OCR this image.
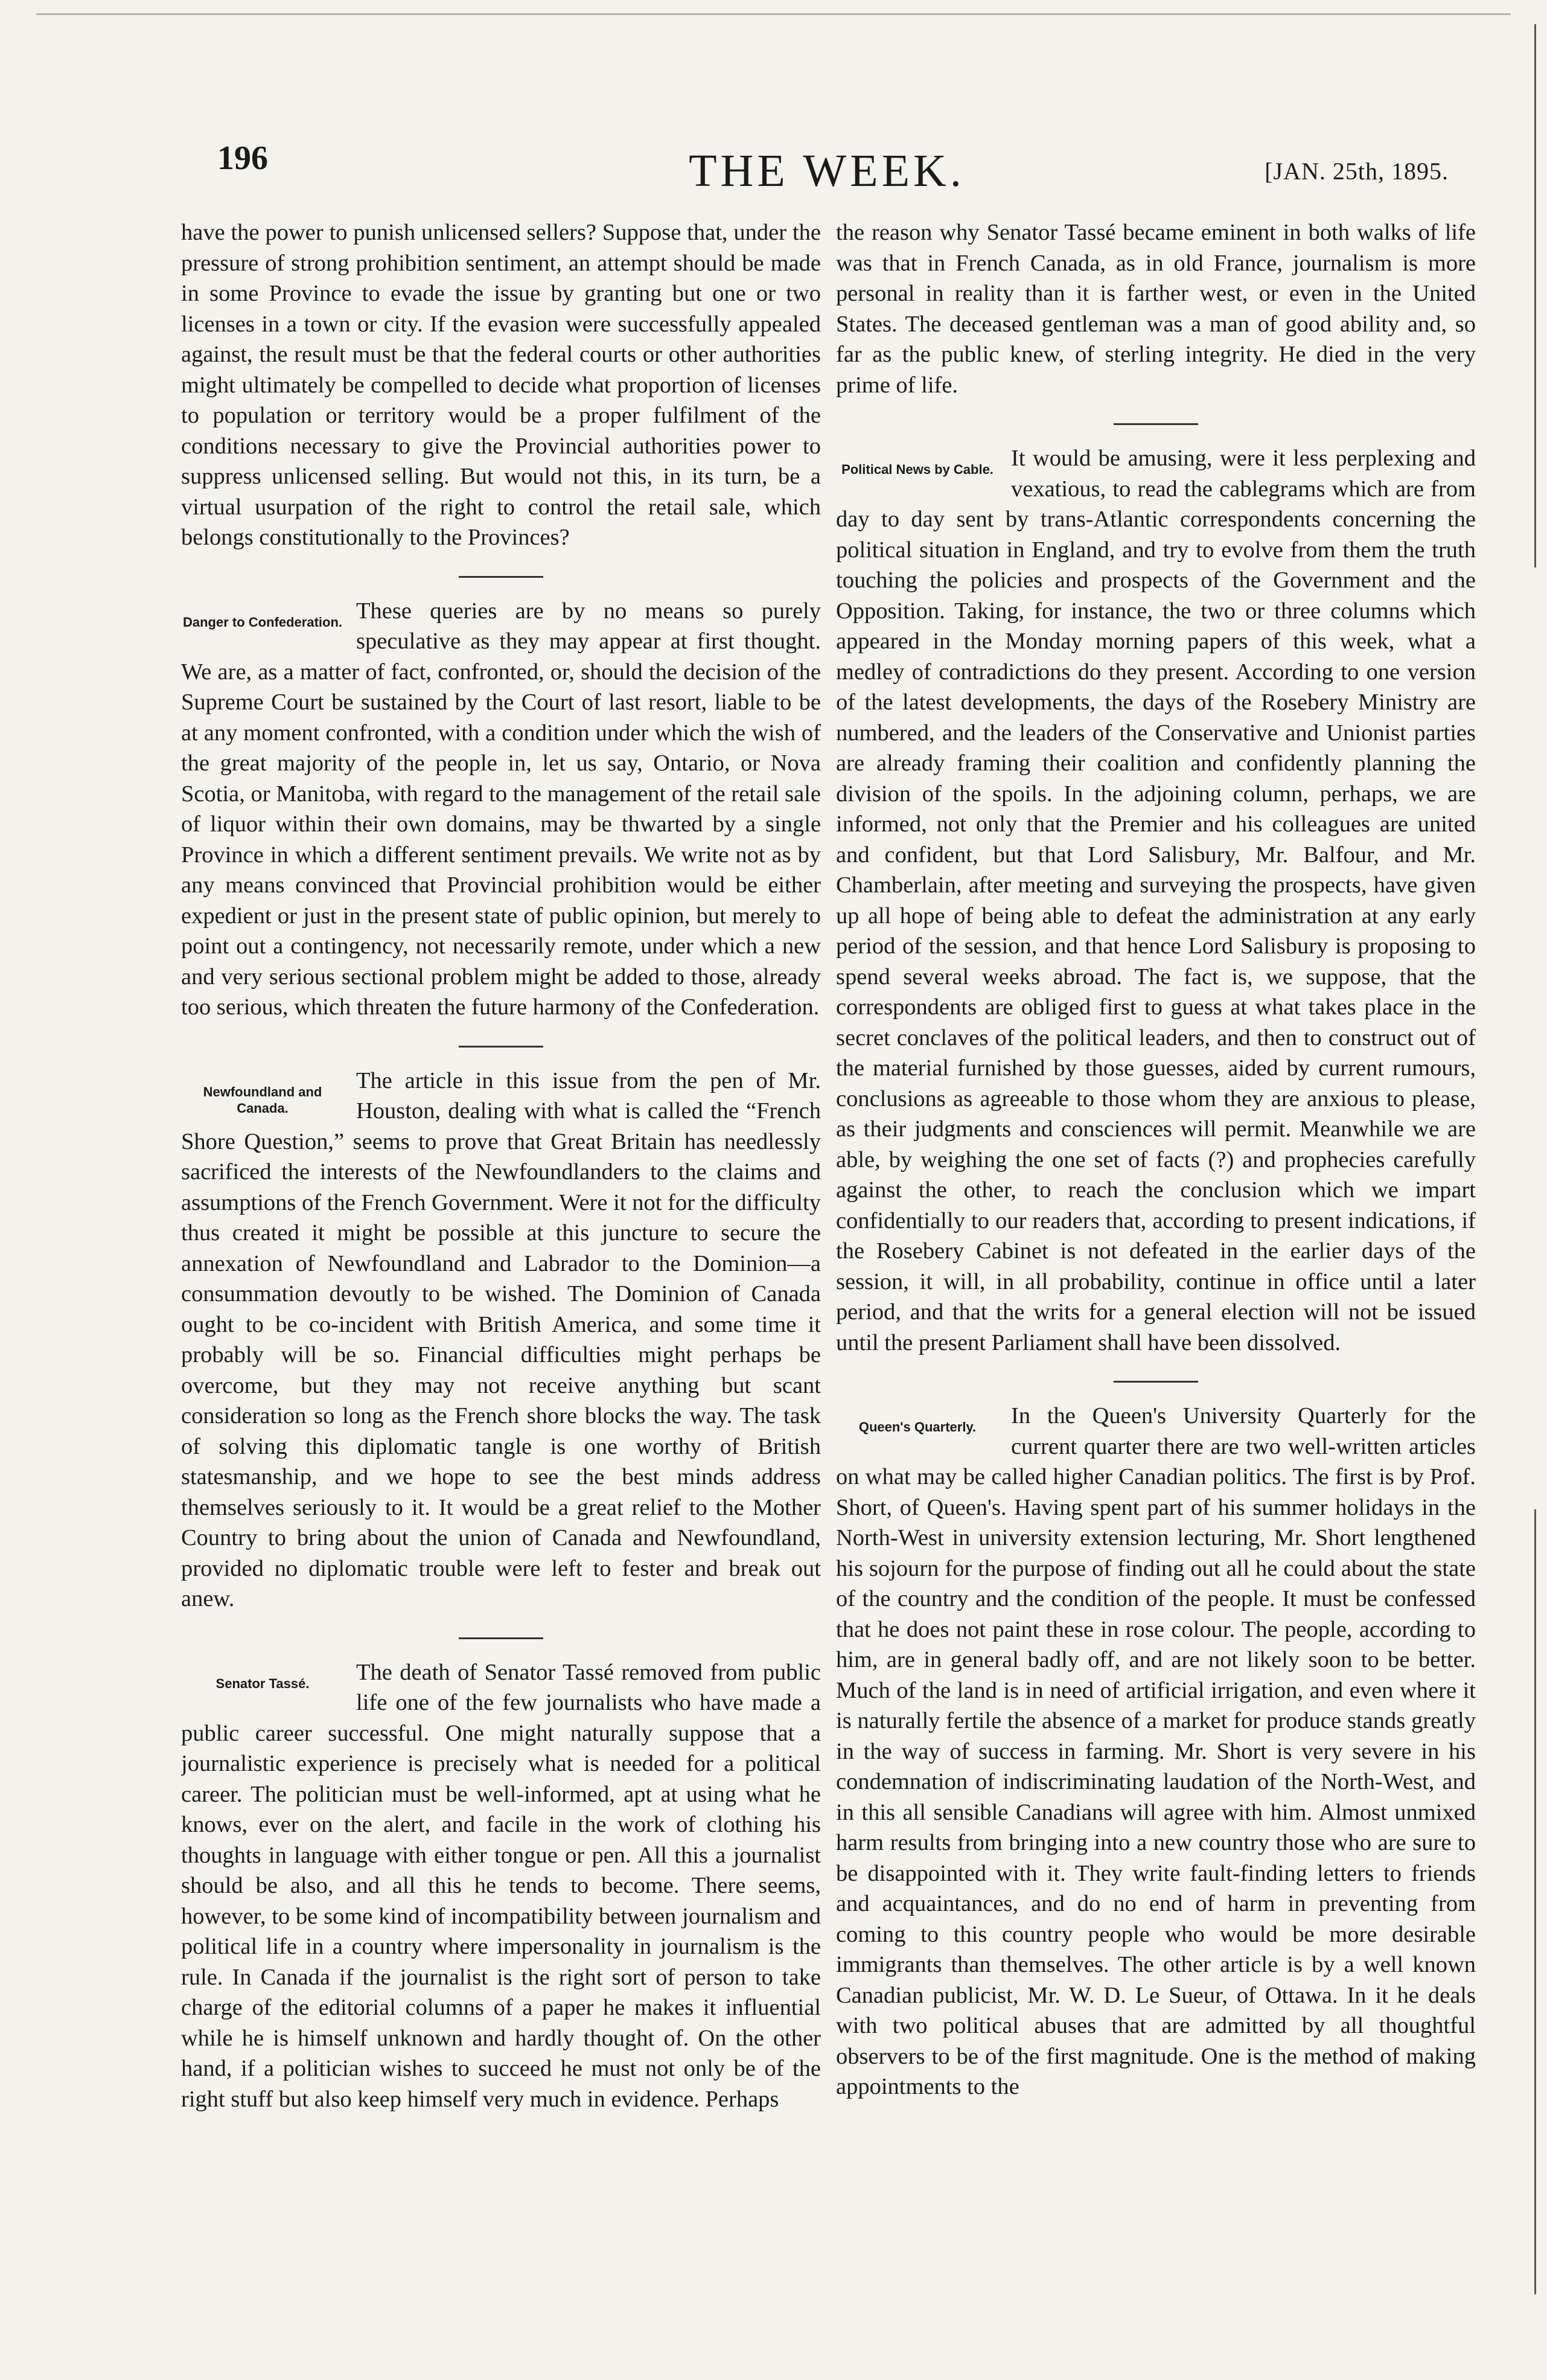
196	THE WEEK.	[JAN. 25th, 1895.

have the power to punish unlicensed sellers? Suppose that, under the pressure of strong prohibition sentiment, an attempt should be made in some Province to evade the issue by granting but one or two licenses in a town or city. If the evasion were successfully appealed against, the result must be that the federal courts or other authorities might ultimately be compelled to decide what proportion of licenses to population or territory would be a proper fulfilment of the conditions necessary to give the Provincial authorities power to suppress unlicensed selling. But would not this, in its turn, be a virtual usurpation of the right to control the retail sale, which belongs constitutionally to the Provinces?

Danger to Confederation. These queries are by no means so purely speculative as they may appear at first thought. We are, as a matter of fact, confronted, or, should the decision of the Supreme Court be sustained by the Court of last resort, liable to be at any moment confronted, with a condition under which the wish of the great majority of the people in, let us say, Ontario, or Nova Scotia, or Manitoba, with regard to the management of the retail sale of liquor within their own domains, may be thwarted by a single Province in which a different sentiment prevails. We write not as by any means convinced that Provincial prohibition would be either expedient or just in the present state of public opinion, but merely to point out a contingency, not necessarily remote, under which a new and very serious sectional problem might be added to those, already too serious, which threaten the future harmony of the Confederation.

Newfoundland and Canada.

The article in this issue from the pen of Mr. Houston, dealing with what is called the “French Shore Question,” seems to prove that Great Britain has needlessly sacrificed the interests of the Newfoundlanders to the claims and assumptions of the French Government. Were it not for the difficulty thus created it might be possible at this juncture to secure the annexation of Newfoundland and Labrador to the Dominion—a consummation devoutly to be wished. The Dominion of Canada ought to be co-incident with British America, and some time it probably will be so. Financial difficulties might perhaps be overcome, but they may not receive anything but scant consideration so long as the French shore blocks the way. The task of solving this diplomatic tangle is one worthy of British statesmanship, and we hope to see the best minds address themselves seriously to it. It would be a great relief to the Mother Country to bring about the union of Canada and Newfoundland, provided no diplomatic trouble were left to fester and break out anew.

Senator Tassé.	The death of Senator Tassé removed from public life one of the few journalists who have made a public career successful. One might naturally suppose that a journalistic experience is precisely what is needed for a political career. The politician must be well-informed, apt at using what he knows, ever on the alert, and facile in the work of clothing his thoughts in language with either tongue or pen. All this a journalist should be also, and all this he tends to become. There seems, however, to be some kind of incompatibility between journalism and political life in a country where impersonality in journalism is the rule. In Canada if the journalist is the right sort of person to take charge of the editorial columns of a paper he makes it influential while he is himself unknown and hardly thought of. On the other hand, if a politician wishes to succeed he must not only be of the right stuff but also keep himself very much in evidence. Perhaps

the reason why Senator Tassé became eminent in both walks of life was that in French Canada, as in old France, journalism is more personal in reality than it is farther west, or even in the United States. The deceased gentleman was a man of good ability and, so far as the public knew, of sterling integrity. He died in the very prime of life.

Political News by Cable. It would be amusing, were it less perplexing and vexatious, to read the cablegrams which are from day to day sent by trans-Atlantic correspondents concerning the political situation in England, and try to evolve from them the truth touching the policies and prospects of the Government and the Opposition. Taking, for instance, the two or three columns which appeared in the Monday morning papers of this week, what a medley of contradictions do they present. According to one version of the latest developments, the days of the Rosebery Ministry are numbered, and the leaders of the Conservative and Unionist parties are already framing their coalition and confidently planning the division of the spoils. In the adjoining column, perhaps, we are informed, not only that the Premier and his colleagues are united and confident, but that Lord Salisbury, Mr. Balfour, and Mr. Chamberlain, after meeting and surveying the prospects, have given up all hope of being able to defeat the administration at any early period of the session, and that hence Lord Salisbury is proposing to spend several weeks abroad. The fact is, we suppose, that the correspondents are obliged first to guess at what takes place in the secret conclaves of the political leaders, and then to construct out of the material furnished by those guesses, aided by current rumours, conclusions as agreeable to those whom they are anxious to please, as their judgments and consciences will permit. Meanwhile we are able, by weighing the one set of facts (?) and prophecies carefully against the other, to reach the conclusion which we impart confidentially to our readers that, according to present indications, if the Rosebery Cabinet is not defeated in the earlier days of the session, it will, in all probability, continue in office until a later period, and that the writs for a general election will not be issued until the present Parliament shall have been dissolved.

Queen's Quarterly.	In the Queen's University Quarterly for the current quarter there are two well-written articles on what may be called higher Canadian politics. The first is by Prof. Short, of Queen's. Having spent part of his summer holidays in the North-West in university extension lecturing, Mr. Short lengthened his sojourn for the purpose of finding out all he could about the state of the country and the condition of the people. It must be confessed that he does not paint these in rose colour. The people, according to him, are in general badly off, and are not likely soon to be better. Much of the land is in need of artificial irrigation, and even where it is naturally fertile the absence of a market for produce stands greatly in the way of success in farming. Mr. Short is very severe in his condemnation of indiscriminating laudation of the North-West, and in this all sensible Canadians will agree with him. Almost unmixed harm results from bringing into a new country those who are sure to be disappointed with it. They write fault-finding letters to friends and acquaintances, and do no end of harm in preventing from coming to this country people who would be more desirable immigrants than themselves. The other article is by a well known Canadian publicist, Mr. W. D. Le Sueur, of Ottawa. In it he deals with two political abuses that are admitted by all thoughtful observers to be of the first magnitude. One is the method of making appointments to the
